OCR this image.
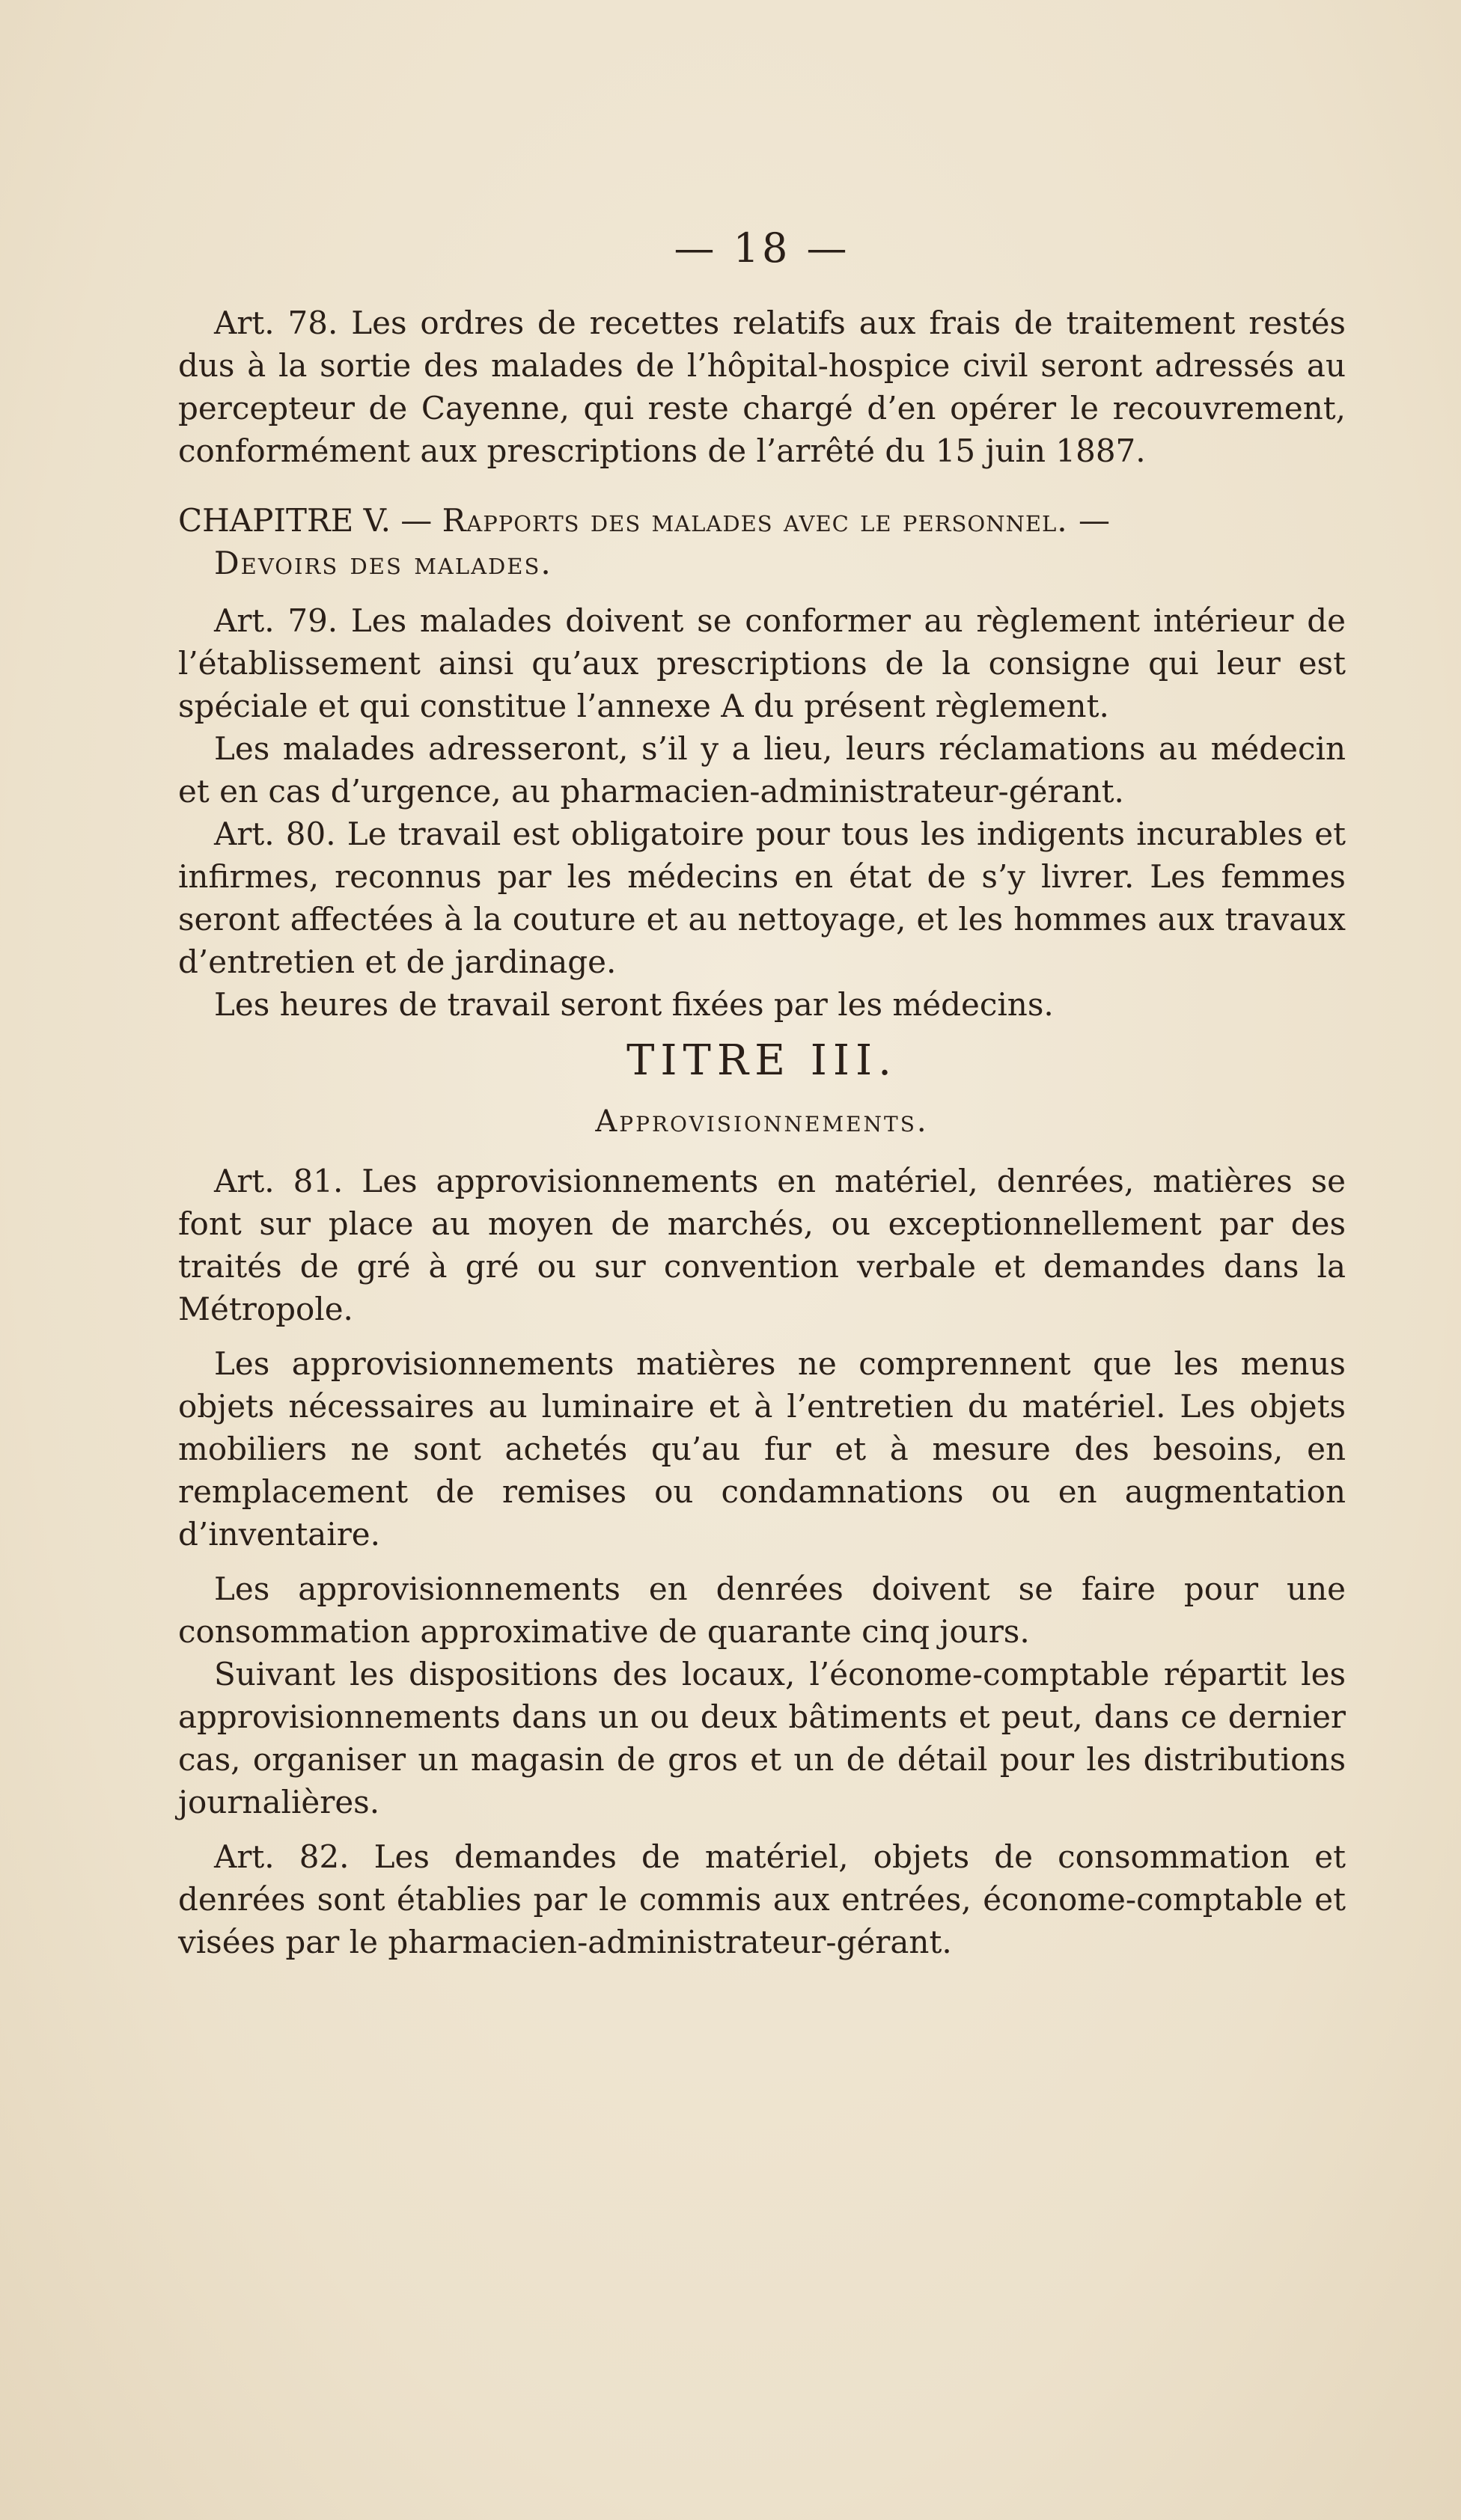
— 18 —

Art. 78. Les ordres de recettes relatifs aux frais de traitement restés dus à la sortie des malades de l’hôpital-hospice civil seront adressés au percepteur de Cayenne, qui reste chargé d’en opérer le recouvrement, conformément aux prescriptions de l’arrêté du 15 juin 1887.

CHAPITRE V. — Rapports des malades avec le personnel. —

Devoirs des malades.

Art. 79. Les malades doivent se conformer au règlement intérieur de l’établissement ainsi qu’aux prescriptions de la consigne qui leur est spéciale et qui constitue l’annexe A du présent règlement.

Les malades adresseront, s’il y a lieu, leurs réclamations au médecin et en cas d’urgence, au pharmacien-administrateur-gérant.

Art. 80. Le travail est obligatoire pour tous les indigents incurables et infirmes, reconnus par les médecins en état de s’y livrer. Les femmes seront affectées à la couture et au nettoyage, et les hommes aux travaux d’entretien et de jardinage.

Les heures de travail seront fixées par les médecins.

TITRE III.
Approvisionnements.

Art. 81. Les approvisionnements en matériel, denrées, matières se font sur place au moyen de marchés, ou exceptionnellement par des traités de gré à gré ou sur convention verbale et demandes dans la Métropole.

Les approvisionnements matières ne comprennent que les menus objets nécessaires au luminaire et à l’entretien du matériel. Les objets mobiliers ne sont achetés qu’au fur et à mesure des besoins, en remplacement de remises ou condamnations ou en augmentation d’inventaire.

Les approvisionnements en denrées doivent se faire pour une consommation approximative de quarante cinq jours.

Suivant les dispositions des locaux, l’économe-comptable répartit les approvisionnements dans un ou deux bâtiments et peut, dans ce dernier cas, organiser un magasin de gros et un de détail pour les distributions journalières.

Art. 82. Les demandes de matériel, objets de consommation et denrées sont établies par le commis aux entrées, économe-comptable et visées par le pharmacien-administrateur-gérant.
